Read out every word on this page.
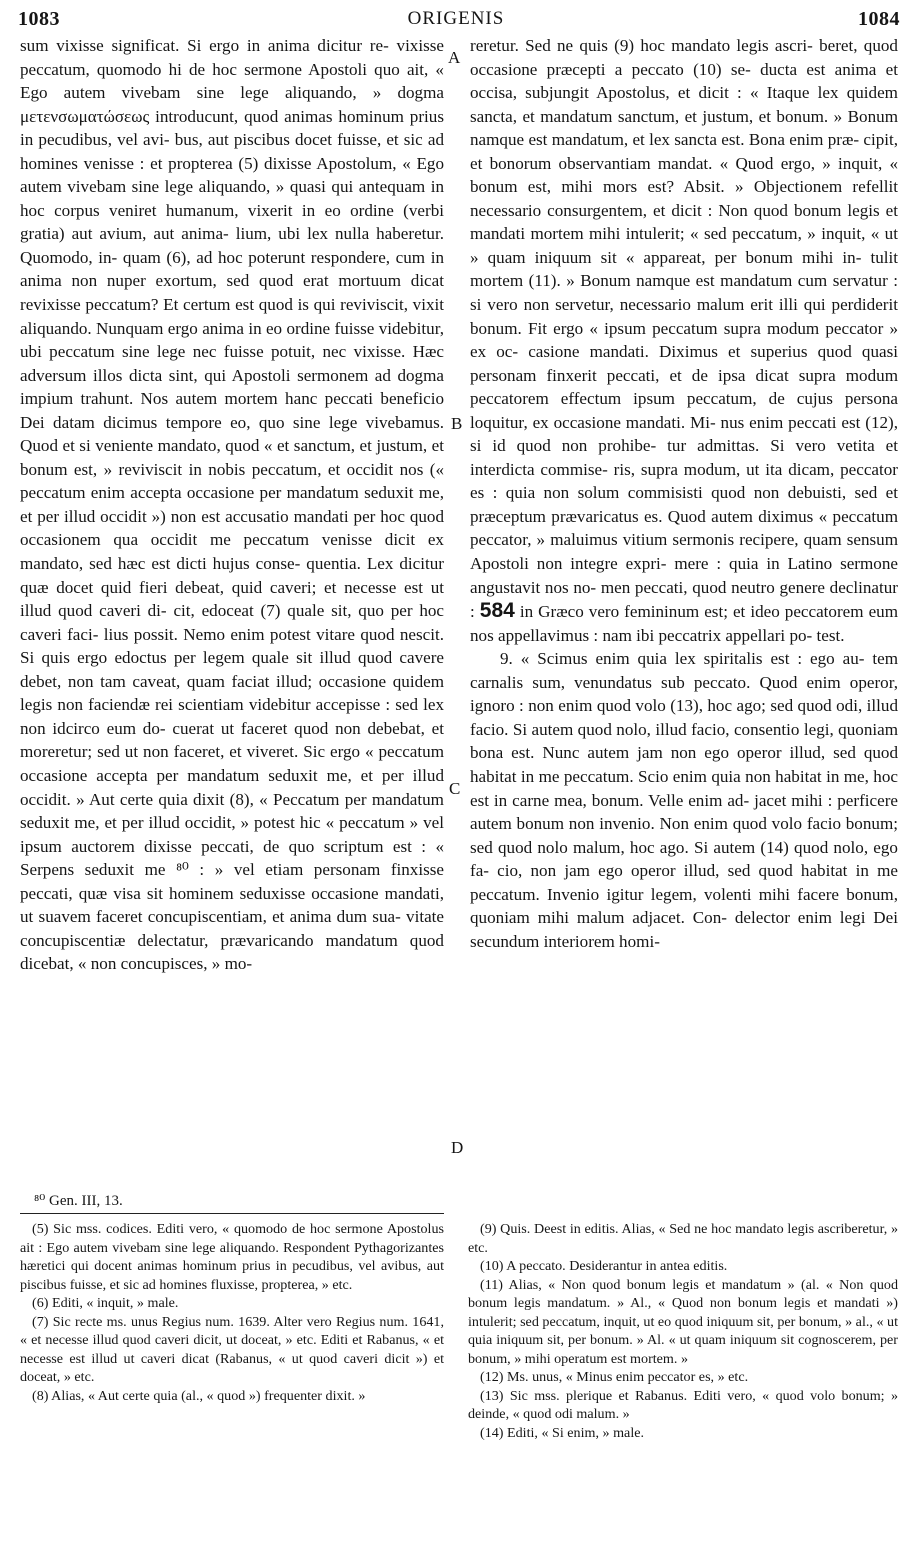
1083	ORIGENIS	1084
A
B
C
D

sum vixisse significat. Si ergo in anima dicitur re- vixisse peccatum, quomodo hi de hoc sermone Apostoli quo ait, « Ego autem vivebam sine lege aliquando, » dogma μετενσωματώσεως introducunt, quod animas hominum prius in pecudibus, vel avi- bus, aut piscibus docet fuisse, et sic ad homines venisse : et propterea (5) dixisse Apostolum, « Ego autem vivebam sine lege aliquando, » quasi qui antequam in hoc corpus veniret humanum, vixerit in eo ordine (verbi gratia) aut avium, aut anima- lium, ubi lex nulla haberetur. Quomodo, in- quam (6), ad hoc poterunt respondere, cum in anima non nuper exortum, sed quod erat mortuum dicat revixisse peccatum? Et certum est quod is qui reviviscit, vixit aliquando. Nunquam ergo anima in eo ordine fuisse videbitur, ubi peccatum sine lege nec fuisse potuit, nec vixisse. Hæc adversum illos dicta sint, qui Apostoli sermonem ad dogma impium trahunt. Nos autem mortem hanc peccati beneficio Dei datam dicimus tempore eo, quo sine lege vivebamus. Quod et si veniente mandato, quod « et sanctum, et justum, et bonum est, » reviviscit in nobis peccatum, et occidit nos (« peccatum enim accepta occasione per mandatum seduxit me, et per illud occidit ») non est accusatio mandati per hoc quod occasionem qua occidit me peccatum venisse dicit ex mandato, sed hæc est dicti hujus conse- quentia. Lex dicitur quæ docet quid fieri debeat, quid caveri; et necesse est ut illud quod caveri di- cit, edoceat (7) quale sit, quo per hoc caveri faci- lius possit. Nemo enim potest vitare quod nescit. Si quis ergo edoctus per legem quale sit illud quod cavere debet, non tam caveat, quam faciat illud; occasione quidem legis non faciendæ rei scientiam videbitur accepisse : sed lex non idcirco eum do- cuerat ut faceret quod non debebat, et moreretur; sed ut non faceret, et viveret. Sic ergo « peccatum occasione accepta per mandatum seduxit me, et per illud occidit. » Aut certe quia dixit (8), « Peccatum per mandatum seduxit me, et per illud occidit, » potest hic « peccatum » vel ipsum auctorem dixisse peccati, de quo scriptum est : « Serpens seduxit me ⁸⁰ : » vel etiam personam finxisse peccati, quæ visa sit hominem seduxisse occasione mandati, ut suavem faceret concupiscentiam, et anima dum sua- vitate concupiscentiæ delectatur, prævaricando mandatum quod dicebat, « non concupisces, » mo-

reretur. Sed ne quis (9) hoc mandato legis ascri- beret, quod occasione præcepti a peccato (10) se- ducta est anima et occisa, subjungit Apostolus, et dicit : « Itaque lex quidem sancta, et mandatum sanctum, et justum, et bonum. » Bonum namque est mandatum, et lex sancta est. Bona enim præ- cipit, et bonorum observantiam mandat. « Quod ergo, » inquit, « bonum est, mihi mors est? Absit. » Objectionem refellit necessario consurgentem, et dicit : Non quod bonum legis et mandati mortem mihi intulerit; « sed peccatum, » inquit, « ut » quam iniquum sit « appareat, per bonum mihi in- tulit mortem (11). » Bonum namque est mandatum cum servatur : si vero non servetur, necessario malum erit illi qui perdiderit bonum. Fit ergo « ipsum peccatum supra modum peccator » ex oc- casione mandati. Diximus et superius quod quasi personam finxerit peccati, et de ipsa dicat supra modum peccatorem effectum ipsum peccatum, de cujus persona loquitur, ex occasione mandati. Mi- nus enim peccati est (12), si id quod non prohibe- tur admittas. Si vero vetita et interdicta commise- ris, supra modum, ut ita dicam, peccator es : quia non solum commisisti quod non debuisti, sed et præceptum prævaricatus es. Quod autem diximus « peccatum peccator, » maluimus vitium sermonis recipere, quam sensum Apostoli non integre expri- mere : quia in Latino sermone angustavit nos no- men peccati, quod neutro genere declinatur : 584 in Græco vero femininum est; et ideo peccatorem eum nos appellavimus : nam ibi peccatrix appellari po- test.

9. « Scimus enim quia lex spiritalis est : ego au- tem carnalis sum, venundatus sub peccato. Quod enim operor, ignoro : non enim quod volo (13), hoc ago; sed quod odi, illud facio. Si autem quod nolo, illud facio, consentio legi, quoniam bona est. Nunc autem jam non ego operor illud, sed quod habitat in me peccatum. Scio enim quia non habitat in me, hoc est in carne mea, bonum. Velle enim ad- jacet mihi : perficere autem bonum non invenio. Non enim quod volo facio bonum; sed quod nolo malum, hoc ago. Si autem (14) quod nolo, ego fa- cio, non jam ego operor illud, sed quod habitat in me peccatum. Invenio igitur legem, volenti mihi facere bonum, quoniam mihi malum adjacet. Con- delector enim legi Dei secundum interiorem homi-

⁸⁰ Gen. III, 13.

(5) Sic mss. codices. Editi vero, « quomodo de hoc sermone Apostolus ait : Ego autem vivebam sine lege aliquando. Respondent Pythagorizantes hæretici qui docent animas hominum prius in pecudibus, vel avibus, aut piscibus fuisse, et sic ad homines fluxisse, propterea, » etc.

(6) Editi, « inquit, » male.

(7) Sic recte ms. unus Regius num. 1639. Alter vero Regius num. 1641, « et necesse illud quod caveri dicit, ut doceat, » etc. Editi et Rabanus, « et necesse est illud ut caveri dicat (Rabanus, « ut quod caveri dicit ») et doceat, » etc.

(8) Alias, « Aut certe quia (al., « quod ») frequenter dixit. »

(9) Quis. Deest in editis. Alias, « Sed ne hoc mandato legis ascriberetur, » etc.

(10) A peccato. Desiderantur in antea editis.

(11) Alias, « Non quod bonum legis et mandatum » (al. « Non quod bonum legis mandatum. » Al., « Quod non bonum legis et mandati ») intulerit; sed peccatum, inquit, ut eo quod iniquum sit, per bonum, » al., « ut quia iniquum sit, per bonum. » Al. « ut quam iniquum sit cognoscerem, per bonum, » mihi operatum est mortem. »

(12) Ms. unus, « Minus enim peccator es, » etc.

(13) Sic mss. plerique et Rabanus. Editi vero, « quod volo bonum; » deinde, « quod odi malum. »

(14) Editi, « Si enim, » male.
